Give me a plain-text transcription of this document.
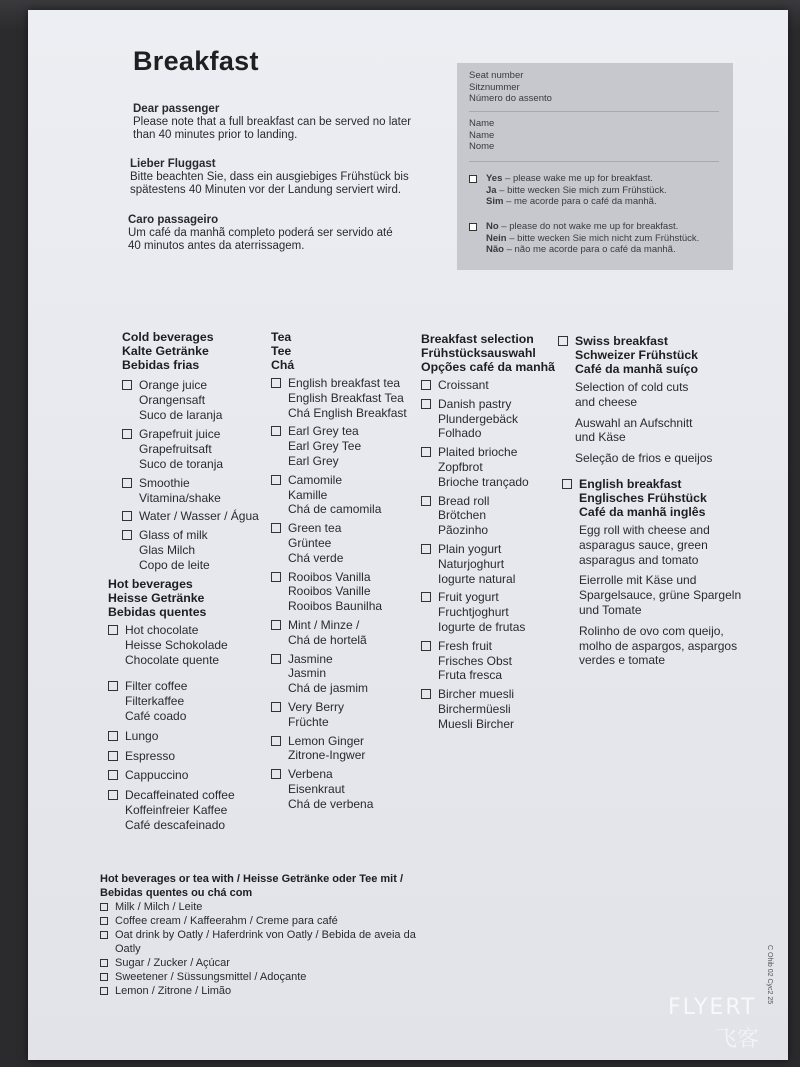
Breakfast
Dear passenger
Please note that a full breakfast can be served no later
than 40 minutes prior to landing.
Lieber Fluggast
Bitte beachten Sie, dass ein ausgiebiges Frühstück bis
spätestens 40 Minuten vor der Landung serviert wird.
Caro passageiro
Um café da manhã completo poderá ser servido até
40 minutos antes da aterrissagem.
Seat number
Sitznummer
Número do assento
Name
Name
Nome
Yes – please wake me up for breakfast.
Ja – bitte wecken Sie mich zum Frühstück.
Sim – me acorde para o café da manhã.
No – please do not wake me up for breakfast.
Nein – bitte wecken Sie mich nicht zum Frühstück.
Não – não me acorde para o café da manhã.
Cold beverages
Kalte Getränke
Bebidas frias
Orange juice
Orangensaft
Suco de laranja
Grapefruit juice
Grapefruitsaft
Suco de toranja
Smoothie
Vitamina/shake
Water / Wasser / Água
Glass of milk
Glas Milch
Copo de leite
Hot beverages
Heisse Getränke
Bebidas quentes
Hot chocolate
Heisse Schokolade
Chocolate quente
Filter coffee
Filterkaffee
Café coado
Lungo
Espresso
Cappuccino
Decaffeinated coffee
Koffeinfreier Kaffee
Café descafeinado
Tea
Tee
Chá
English breakfast tea
English Breakfast Tea
Chá English Breakfast
Earl Grey tea
Earl Grey Tee
Earl Grey
Camomile
Kamille
Chá de camomila
Green tea
Grüntee
Chá verde
Rooibos Vanilla
Rooibos Vanille
Rooibos Baunilha
Mint / Minze /
Chá de hortelã
Jasmine
Jasmin
Chá de jasmim
Very Berry
Früchte
Lemon Ginger
Zitrone-Ingwer
Verbena
Eisenkraut
Chá de verbena
Breakfast selection
Frühstücksauswahl
Opções café da manhã
Croissant
Danish pastry
Plundergebäck
Folhado
Plaited brioche
Zopfbrot
Brioche trançado
Bread roll
Brötchen
Pãozinho
Plain yogurt
Naturjoghurt
Iogurte natural
Fruit yogurt
Fruchtjoghurt
Iogurte de frutas
Fresh fruit
Frisches Obst
Fruta fresca
Bircher muesli
Birchermüesli
Muesli Bircher
Swiss breakfast
Schweizer Frühstück
Café da manhã suíço
Selection of cold cuts
and cheese
Auswahl an Aufschnitt
und Käse
Seleção de frios e queijos
English breakfast
Englisches Frühstück
Café da manhã inglês
Egg roll with cheese and
asparagus sauce, green
asparagus and tomato
Eierrolle mit Käse und
Spargelsauce, grüne Spargeln
und Tomate
Rolinho de ovo com queijo,
molho de aspargos, aspargos
verdes e tomate
Hot beverages or tea with / Heisse Getränke oder Tee mit /
Bebidas quentes ou chá com
Milk / Milch / Leite
Coffee cream / Kaffeerahm / Creme para café
Oat drink by Oatly / Haferdrink von Oatly / Bebida de aveia da Oatly
Sugar / Zucker / Açúcar
Sweetener / Süssungsmittel / Adoçante
Lemon / Zitrone / Limão	C Ohib 02 Cyc2 25
FLYERT
飞客
